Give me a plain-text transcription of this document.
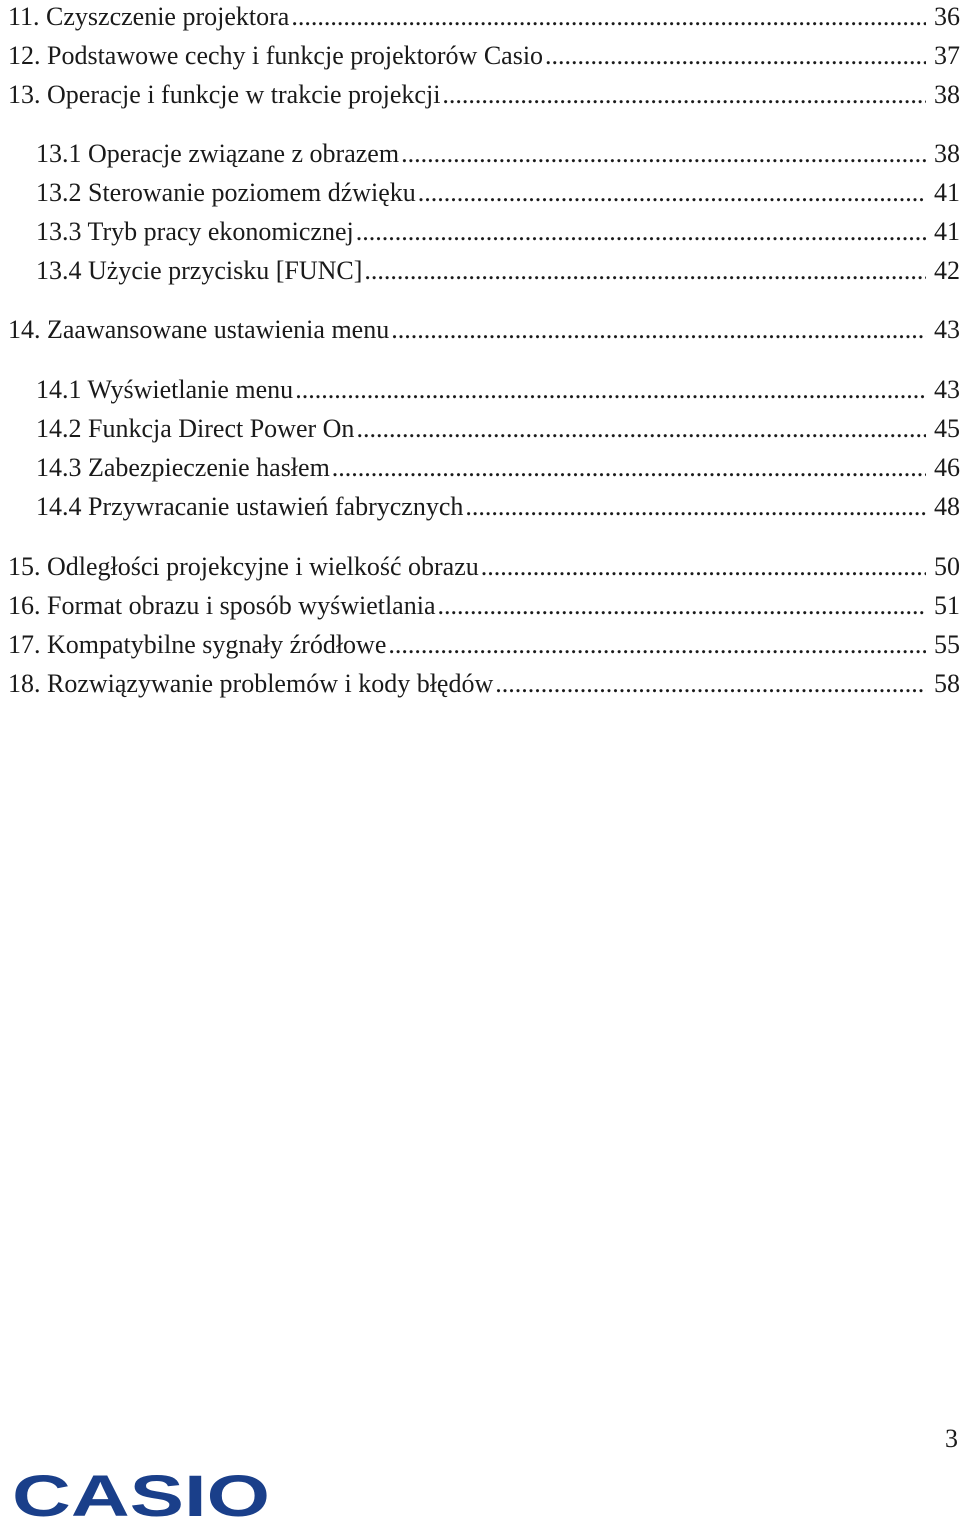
11. Czyszczenie projektora .....	36
12. Podstawowe cechy i funkcje projektorów Casio .....	37
13. Operacje i funkcje w trakcie projekcji .....	38
13.1 Operacje związane z obrazem .....	38
13.2 Sterowanie poziomem dźwięku .....	41
13.3 Tryb pracy ekonomicznej .....	41
13.4 Użycie przycisku [FUNC] .....	42
14. Zaawansowane ustawienia menu .....	43
14.1 Wyświetlanie menu .....	43
14.2 Funkcja Direct Power On .....	45
14.3 Zabezpieczenie hasłem .....	46
14.4 Przywracanie ustawień fabrycznych .....	48
15. Odległości projekcyjne i wielkość obrazu .....	50
16. Format obrazu i sposób wyświetlania .....	51
17. Kompatybilne sygnały źródłowe .....	55
18. Rozwiązywanie problemów i kody błędów .....	58
3
CASIO
